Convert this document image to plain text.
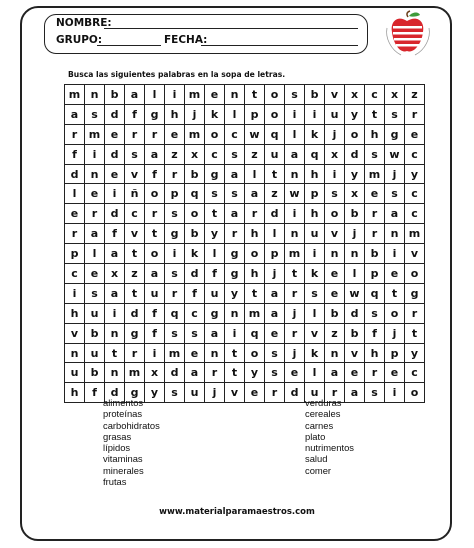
NOMBRE:
GRUPO:	FECHA:
Busca las siguientes palabras en la sopa de letras.
m	n	b	a	l	i	m	e	n	t	o	s	b	v	x	c	x	z
a	s	d	f	g	h	j	k	l	p	o	i	i	u	y	t	s	r
r	m	e	r	r	e	m	o	c	w	q	l	k	j	o	h	g	e
f	i	d	s	a	z	x	c	s	z	u	a	q	x	d	s	w	c
d	n	e	v	f	r	b	g	a	l	t	n	h	i	y	m	j	y
l	e	i	ñ	o	p	q	s	s	a	z	w	p	s	x	e	s	c
e	r	d	c	r	s	o	t	a	r	d	i	h	o	b	r	a	c
r	a	f	v	t	g	b	y	r	h	l	n	u	v	j	r	n	m
p	l	a	t	o	i	k	l	g	o	p	m	i	n	n	b	i	v
c	e	x	z	a	s	d	f	g	h	j	t	k	e	l	p	e	o
i	s	a	t	u	r	f	u	y	t	a	r	s	e	w	q	t	g
h	u	i	d	f	q	c	g	n	m	a	j	l	b	d	s	o	r
v	b	n	g	f	s	s	a	i	q	e	r	v	z	b	f	j	t
n	u	t	r	i	m	e	n	t	o	s	j	k	n	v	h	p	y
u	b	n	m	x	d	a	r	t	y	s	e	l	a	e	r	e	c
h	f	d	g	y	s	u	j	v	e	r	d	u	r	a	s	i	o
alimentos
proteínas
carbohidratos
grasas
lípidos
vitaminas
minerales
frutas
verduras
cereales
carnes
plato
nutrimentos
salud
comer
www.materialparamaestros.com
